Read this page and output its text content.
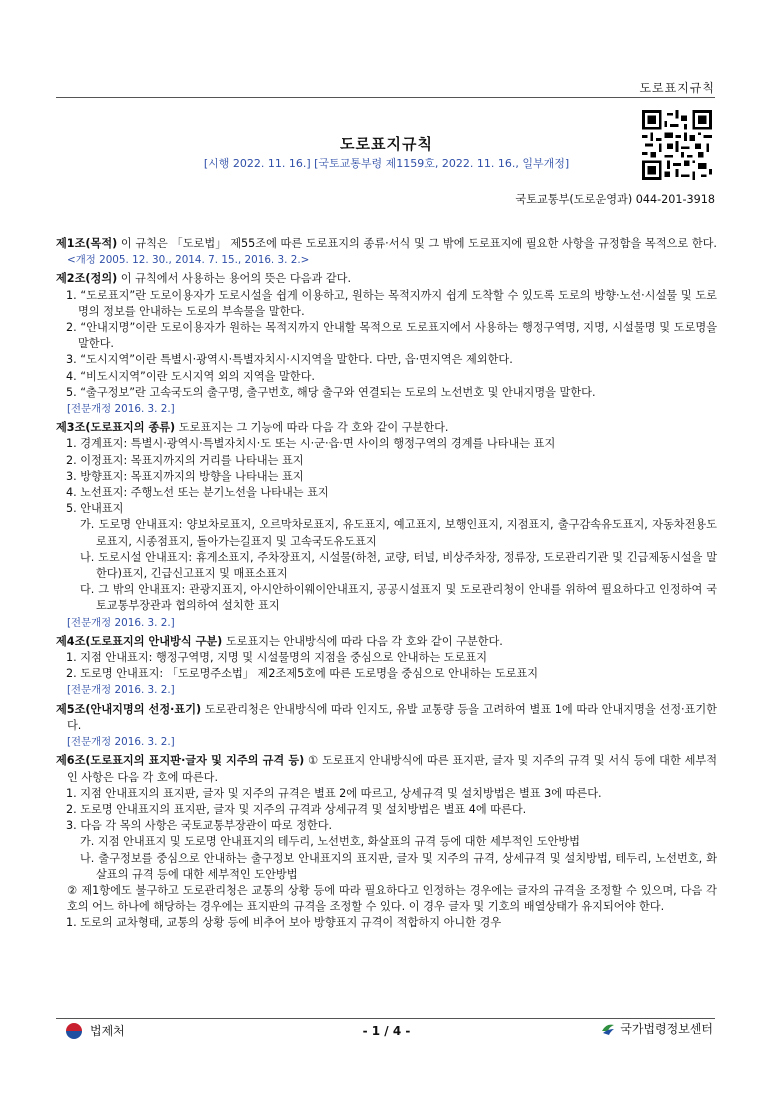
도로표지규칙
도로표지규칙
[시행 2022. 11. 16.] [국토교통부령 제1159호, 2022. 11. 16., 일부개정]
국토교통부(도로운영과) 044-201-3918

제1조(목적) 이 규칙은 「도로법」 제55조에 따른 도로표지의 종류·서식 및 그 밖에 도로표지에 필요한 사항을 규정함을 목적으로 한다. <개정 2005. 12. 30., 2014. 7. 15., 2016. 3. 2.>

제2조(정의) 이 규칙에서 사용하는 용어의 뜻은 다음과 같다.

1. “도로표지”란 도로이용자가 도로시설을 쉽게 이용하고, 원하는 목적지까지 쉽게 도착할 수 있도록 도로의 방향·노선·시설물 및 도로명의 정보를 안내하는 도로의 부속물을 말한다.

2. “안내지명”이란 도로이용자가 원하는 목적지까지 안내할 목적으로 도로표지에서 사용하는 행정구역명, 지명, 시설물명 및 도로명을 말한다.

3. “도시지역”이란 특별시·광역시·특별자치시·시지역을 말한다. 다만, 읍·면지역은 제외한다.

4. “비도시지역”이란 도시지역 외의 지역을 말한다.

5. “출구정보”란 고속국도의 출구명, 출구번호, 해당 출구와 연결되는 도로의 노선번호 및 안내지명을 말한다.

[전문개정 2016. 3. 2.]

제3조(도로표지의 종류) 도로표지는 그 기능에 따라 다음 각 호와 같이 구분한다.

1. 경계표지: 특별시·광역시·특별자치시·도 또는 시·군·읍·면 사이의 행정구역의 경계를 나타내는 표지

2. 이정표지: 목표지까지의 거리를 나타내는 표지

3. 방향표지: 목표지까지의 방향을 나타내는 표지

4. 노선표지: 주행노선 또는 분기노선을 나타내는 표지

5. 안내표지

가. 도로명 안내표지: 양보차로표지, 오르막차로표지, 유도표지, 예고표지, 보행인표지, 지점표지, 출구감속유도표지, 자동차전용도로표지, 시종점표지, 돌아가는길표지 및 고속국도유도표지

나. 도로시설 안내표지: 휴게소표지, 주차장표지, 시설물(하천, 교량, 터널, 비상주차장, 정류장, 도로관리기관 및 긴급제동시설을 말한다)표지, 긴급신고표지 및 매표소표지

다. 그 밖의 안내표지: 관광지표지, 아시안하이웨이안내표지, 공공시설표지 및 도로관리청이 안내를 위하여 필요하다고 인정하여 국토교통부장관과 협의하여 설치한 표지

[전문개정 2016. 3. 2.]

제4조(도로표지의 안내방식 구분) 도로표지는 안내방식에 따라 다음 각 호와 같이 구분한다.

1. 지점 안내표지: 행정구역명, 지명 및 시설물명의 지점을 중심으로 안내하는 도로표지

2. 도로명 안내표지: 「도로명주소법」 제2조제5호에 따른 도로명을 중심으로 안내하는 도로표지

[전문개정 2016. 3. 2.]

제5조(안내지명의 선정·표기) 도로관리청은 안내방식에 따라 인지도, 유발 교통량 등을 고려하여 별표 1에 따라 안내지명을 선정·표기한다.

[전문개정 2016. 3. 2.]

제6조(도로표지의 표지판·글자 및 지주의 규격 등) ① 도로표지 안내방식에 따른 표지판, 글자 및 지주의 규격 및 서식 등에 대한 세부적인 사항은 다음 각 호에 따른다.

1. 지점 안내표지의 표지판, 글자 및 지주의 규격은 별표 2에 따르고, 상세규격 및 설치방법은 별표 3에 따른다.

2. 도로명 안내표지의 표지판, 글자 및 지주의 규격과 상세규격 및 설치방법은 별표 4에 따른다.

3. 다음 각 목의 사항은 국토교통부장관이 따로 정한다.

가. 지점 안내표지 및 도로명 안내표지의 테두리, 노선번호, 화살표의 규격 등에 대한 세부적인 도안방법

나. 출구정보를 중심으로 안내하는 출구정보 안내표지의 표지판, 글자 및 지주의 규격, 상세규격 및 설치방법, 테두리, 노선번호, 화살표의 규격 등에 대한 세부적인 도안방법

② 제1항에도 불구하고 도로관리청은 교통의 상황 등에 따라 필요하다고 인정하는 경우에는 글자의 규격을 조정할 수 있으며, 다음 각 호의 어느 하나에 해당하는 경우에는 표지판의 규격을 조정할 수 있다. 이 경우 글자 및 기호의 배열상태가 유지되어야 한다.

1. 도로의 교차형태, 교통의 상황 등에 비추어 보아 방향표지 규격이 적합하지 아니한 경우

법제처	- 1 / 4 -	국가법령정보센터
